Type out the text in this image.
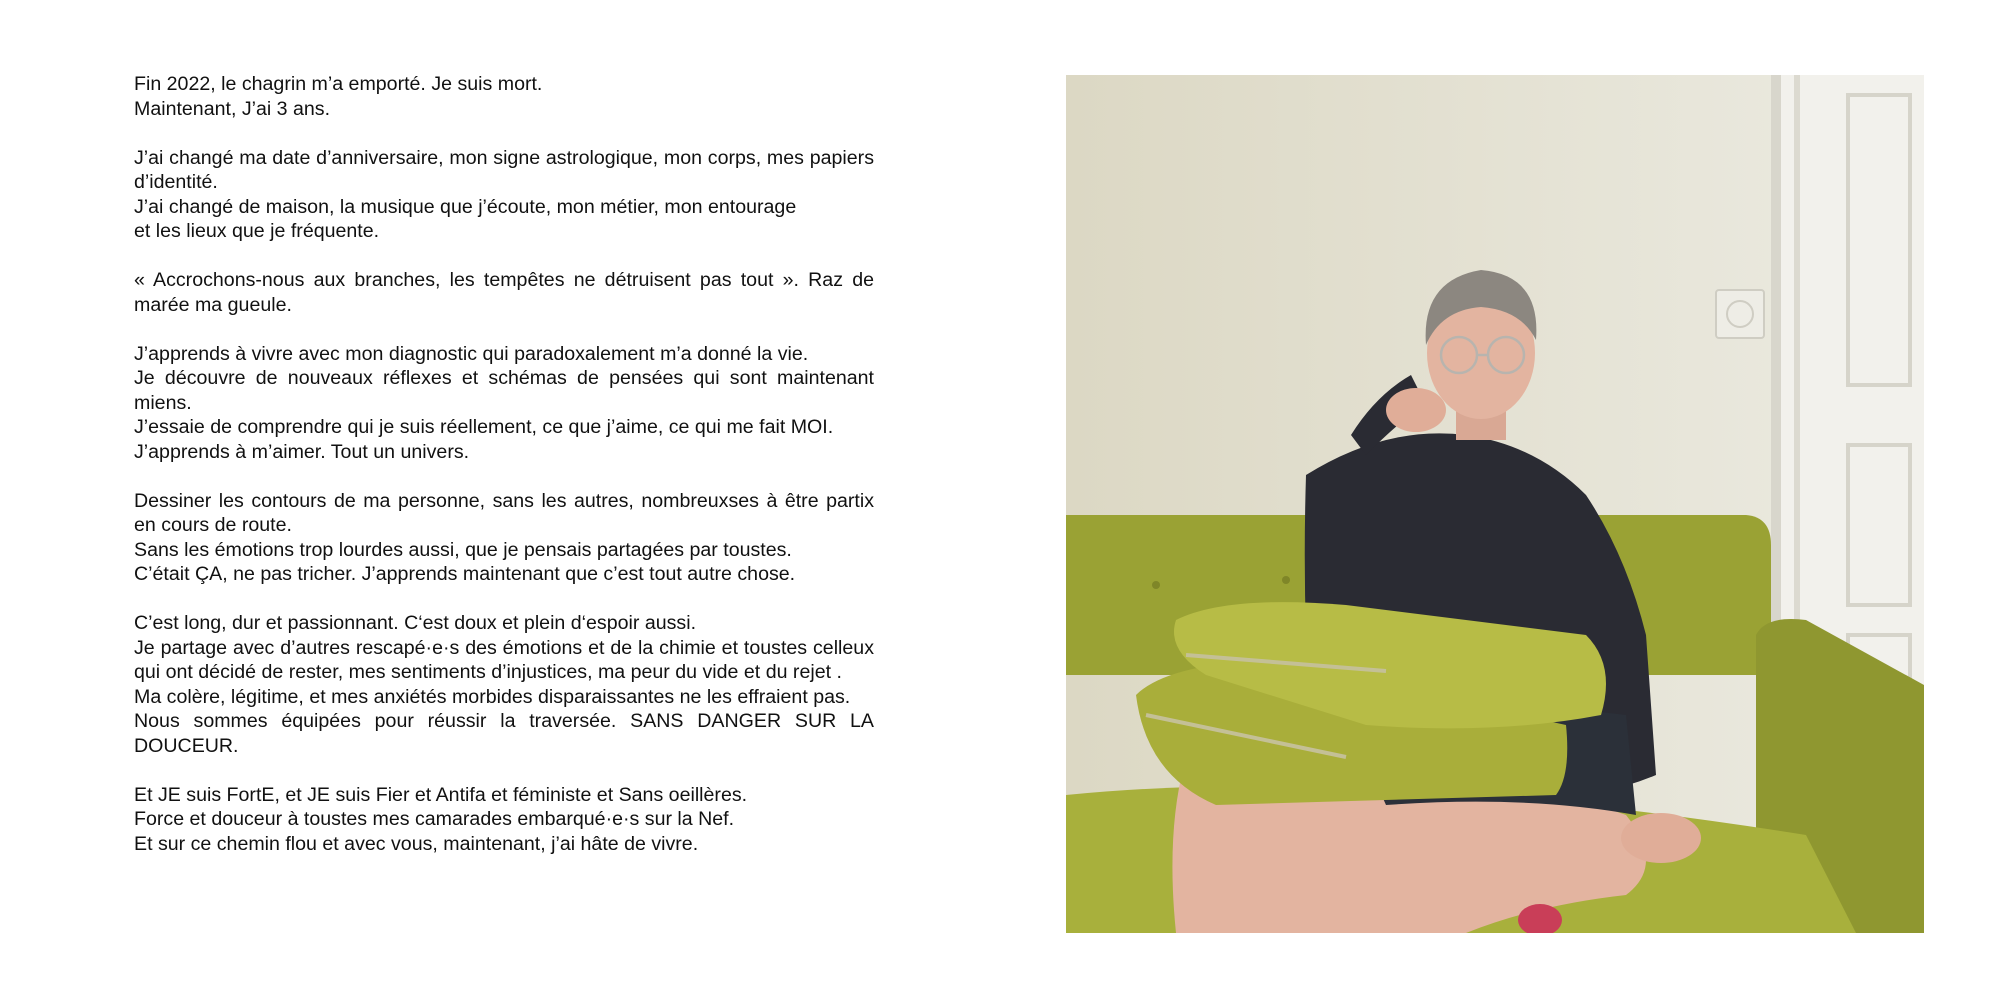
Fin 2022, le chagrin m’a emporté. Je suis mort.

Maintenant, J’ai 3 ans.

J’ai changé ma date d’anniversaire, mon signe astrologique, mon corps, mes papiers d’identité.

J’ai changé de maison, la musique que j’écoute, mon métier, mon entourage

et les lieux que je fréquente.

« Accrochons-nous aux branches, les tempêtes ne détruisent pas tout ». Raz de marée ma gueule.

J’apprends à vivre avec mon diagnostic qui paradoxalement m’a donné la vie.

Je découvre de nouveaux réflexes et schémas de pensées qui sont maintenant miens.

J’essaie de comprendre qui je suis réellement, ce que j’aime, ce qui me fait MOI.

J’apprends à m’aimer. Tout un univers.

Dessiner les contours de ma personne, sans les autres, nombreuxses à être partix en cours de route.

Sans les émotions trop lourdes aussi, que je pensais partagées par toustes.

C’était ÇA, ne pas tricher. J’apprends maintenant que c’est tout autre chose.

C’est long, dur et passionnant. C‘est doux et plein d‘espoir aussi.

Je partage avec d’autres rescapé·e·s des émotions et de la chimie et toustes celleux qui ont décidé de rester, mes sentiments d’injustices, ma peur du vide et du rejet .

Ma colère, légitime, et mes anxiétés morbides disparaissantes ne les effraient pas.

Nous sommes équipées pour réussir la traversée. SANS DANGER SUR LA DOUCEUR.

Et JE suis FortE, et JE suis Fier et Antifa et féministe et Sans oeillères.

Force et douceur à toustes mes camarades embarqué·e·s sur la Nef.

Et sur ce chemin flou et avec vous, maintenant, j’ai hâte de vivre.
